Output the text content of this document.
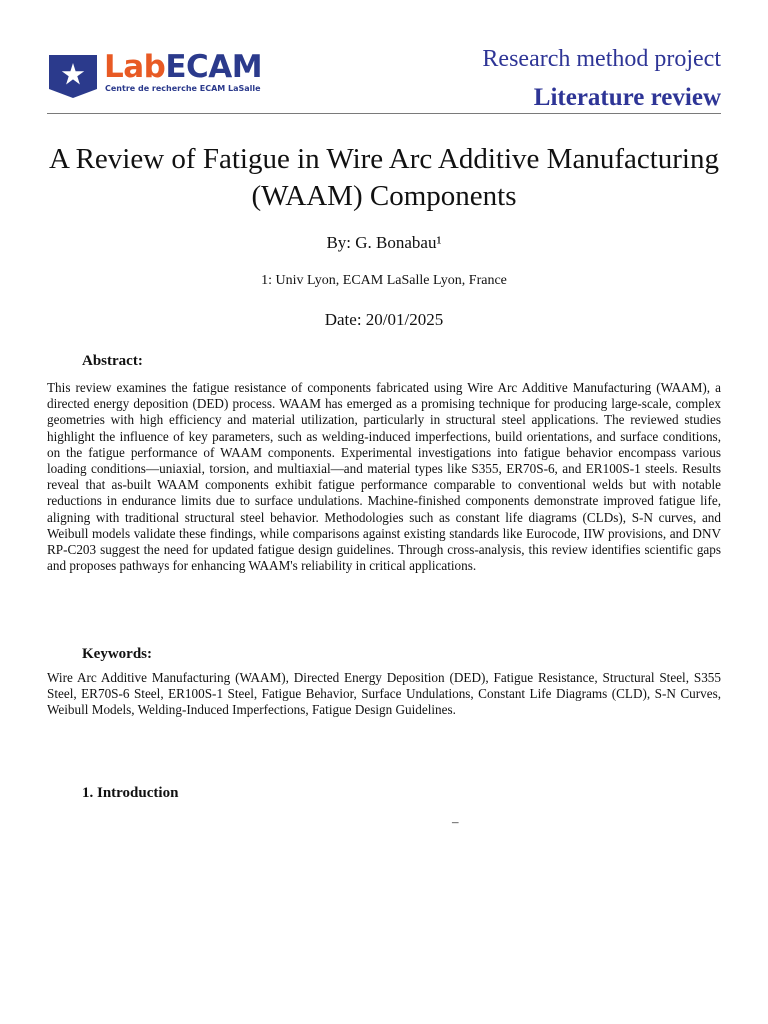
LabECAM
Centre de recherche ECAM LaSalle
Research method project
Literature review
A Review of Fatigue in Wire Arc Additive Manufacturing (WAAM) Components
By: G. Bonabau¹
1: Univ Lyon, ECAM LaSalle Lyon, France
Date: 20/01/2025
Abstract:
This review examines the fatigue resistance of components fabricated using Wire Arc Additive Manufacturing (WAAM), a directed energy deposition (DED) process. WAAM has emerged as a promising technique for producing large-scale, complex geometries with high efficiency and material utilization, particularly in structural steel applications. The reviewed studies highlight the influence of key parameters, such as welding-induced imperfections, build orientations, and surface conditions, on the fatigue performance of WAAM components. Experimental investigations into fatigue behavior encompass various loading conditions—uniaxial, torsion, and multiaxial—and material types like S355, ER70S-6, and ER100S-1 steels. Results reveal that as-built WAAM components exhibit fatigue performance comparable to conventional welds but with notable reductions in endurance limits due to surface undulations. Machine-finished components demonstrate improved fatigue life, aligning with traditional structural steel behavior. Methodologies such as constant life diagrams (CLDs), S-N curves, and Weibull models validate these findings, while comparisons against existing standards like Eurocode, IIW provisions, and DNV RP-C203 suggest the need for updated fatigue design guidelines. Through cross-analysis, this review identifies scientific gaps and proposes pathways for enhancing WAAM's reliability in critical applications.
Keywords:
Wire Arc Additive Manufacturing (WAAM), Directed Energy Deposition (DED), Fatigue Resistance, Structural Steel, S355 Steel, ER70S-6 Steel, ER100S-1 Steel, Fatigue Behavior, Surface Undulations, Constant Life Diagrams (CLD), S-N Curves, Weibull Models, Welding-Induced Imperfections, Fatigue Design Guidelines.
1. Introduction
–
